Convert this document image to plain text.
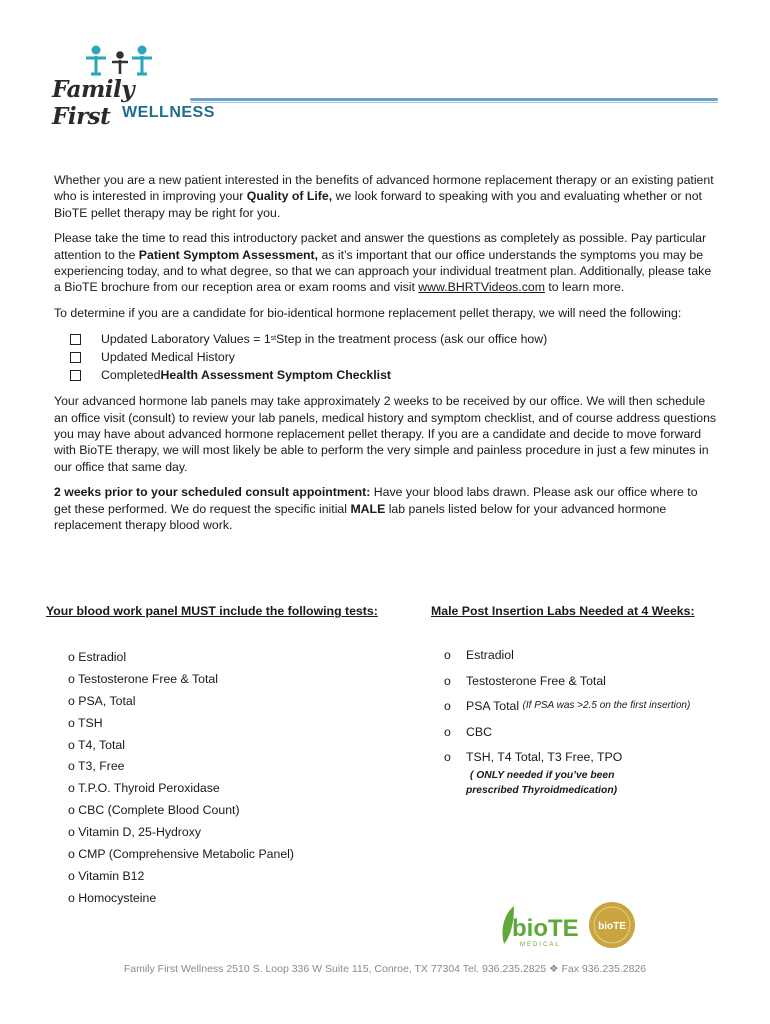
Family First WELLNESS

Whether you are a new patient interested in the benefits of advanced hormone replacement therapy or an existing patient who is interested in improving your Quality of Life, we look forward to speaking with you and evaluating whether or not BioTE pellet therapy may be right for you.

Please take the time to read this introductory packet and answer the questions as completely as possible. Pay particular attention to the Patient Symptom Assessment, as it’s important that our office understands the symptoms you may be experiencing today, and to what degree, so that we can approach your individual treatment plan. Additionally, please take a BioTE brochure from our reception area or exam rooms and visit www.BHRTVideos.com to learn more.

To determine if you are a candidate for bio-identical hormone replacement pellet therapy, we will need the following:

Updated Laboratory Values = 1 st Step in the treatment process (ask our office how)
Updated Medical History
Completed Health Assessment Symptom Checklist

Your advanced hormone lab panels may take approximately 2 weeks to be received by our office. We will then schedule an office visit (consult) to review your lab panels, medical history and symptom checklist, and of course address questions you may have about advanced hormone replacement pellet therapy. If you are a candidate and decide to move forward with BioTE therapy, we will most likely be able to perform the very simple and painless procedure in just a few minutes in our office that same day.

2 weeks prior to your scheduled consult appointment: Have your blood labs drawn. Please ask our office where to get these performed. We do request the specific initial MALE lab panels listed below for your advanced hormone replacement therapy blood work.

Your blood work panel MUST include the following tests:	Male Post Insertion Labs Needed at 4 Weeks:
o Estradiol
o Testosterone Free & Total
o PSA, Total
o TSH
o T4, Total
o T3, Free
o T.P.O. Thyroid Peroxidase
o CBC (Complete Blood Count)
o Vitamin D, 25-Hydroxy
o CMP (Comprehensive Metabolic Panel)
o Vitamin B12
o Homocysteine
o	Estradiol
o	Testosterone Free & Total
o	PSA Total
(If PSA was >2.5 on the first insertion)
o	CBC
o	TSH, T4 Total, T3 Free, TPO
( ONLY needed if you’ve been
prescribed Thyroidmedication)
bioTE
MEDICAL
bioTE
Family First Wellness 2510 S. Loop 336 W Suite 115, Conroe, TX 77304 Tel. 936.235.2825 ❖ Fax 936.235.2826
